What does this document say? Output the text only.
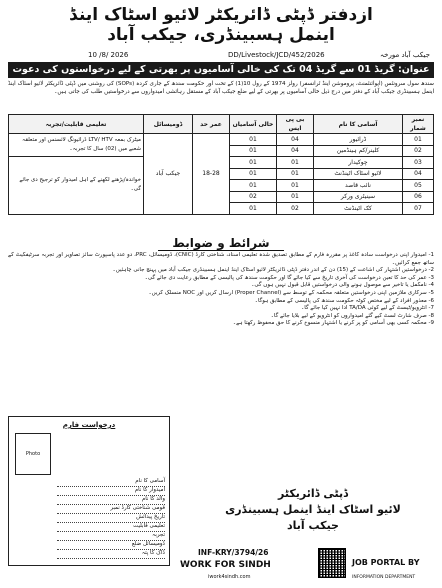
ازدفتر ڈپٹی ڈائریکٹر لائیو اسٹاک اینڈ
اینمل ہسبینڈری، جیکب آباد
10 /8/ 2026	DD/Livestock/JCD/452/2026	جیکب آباد مورخہ
عنوان: گریڈ 01 سے گریڈ 04 تک کی خالی آسامیوں پر بھرتی کے لیے درخواستوں کی دعوت
سندھ سول سرونٹس (اپوائنٹمنٹ، پروموشن اینڈ ٹرانسفر) رولز 1974 کے رول 10(1) کے تحت اور حکومت سندھ کے جاری کردہ (SOPs) کی روشنی میں ڈپٹی ڈائریکٹر لائیو اسٹاک اینڈ اینمل ہسبینڈری جیکب آباد کے دفتر میں درج ذیل خالی آسامیوں پر بھرتی کے لیے ضلع جیکب آباد کے مستقل رہائشی امیدواروں سے درخواستیں طلب کی جاتی ہیں۔
نمبر شمار	آسامی کا نام	بی پی ایس	خالی آسامیاں	عمر حد	ڈومیسائل	تعلیمی قابلیت/تجربہ
01	ڈرائیور	04	01	18-28	جیکب آباد	میٹرک بمعہ LTV/ HTV ڈرائیونگ لائسنس اور متعلقہ شعبے میں (02) سال کا تجربہ۔
02	کلینر/کم ہینڈمین	04	01			
03	چوکیدار	01	01			خواندہ/پڑھنے لکھنے کے اہل امیدوار کو ترجیح دی جائے گی۔
04	لائیو اسٹاک اٹینڈنٹ	01	01			
05	نائب قاصد	01	01			
06	سینیٹری ورکر	01	02			
07	کک اٹینڈنٹ	02	01			
شرائط و ضوابط

1- امیدوار اپنی درخواست سادہ کاغذ پر مقررہ فارم کے مطابق تصدیق شدہ تعلیمی اسناد، شناختی کارڈ (CNIC)، ڈومیسائل، PRC، دو عدد پاسپورٹ سائز تصاویر اور تجربہ سرٹیفکیٹ کے ساتھ جمع کرائیں۔

2- درخواستیں اشتہار کی اشاعت کے (15) دن کے اندر دفتر ڈپٹی ڈائریکٹر لائیو اسٹاک اینڈ اینمل ہسبینڈری جیکب آباد میں پہنچ جانی چاہئیں۔

3- عمر کی حد کا تعین درخواست کی آخری تاریخ سے کیا جائے گا اور حکومت سندھ کی پالیسی کے مطابق رعایت دی جائے گی۔

4- نامکمل یا تاخیر سے موصول ہونے والی درخواستیں قابل قبول نہیں ہوں گی۔

5- سرکاری ملازمین اپنی درخواستیں متعلقہ محکمہ کے توسط سے (Proper Channel) ارسال کریں اور NOC منسلک کریں۔

6- معذور افراد کے لیے مختص کوٹہ حکومت سندھ کی پالیسی کے مطابق ہوگا۔

7- انٹرویو/ٹیسٹ کے لیے کوئی TA/DA ادا نہیں کیا جائے گا۔

8- صرف شارٹ لسٹ کیے گئے امیدواروں کو انٹرویو کے لیے بلایا جائے گا۔

9- محکمہ کسی بھی آسامی کو پر کرنے یا اشتہار منسوخ کرنے کا حق محفوظ رکھتا ہے۔

درخواست فارم
Photo
آسامی کا نام
امیدوار کا نام
والد کا نام
قومی شناختی کارڈ نمبر
تاریخ پیدائش
تعلیمی قابلیت
تجربہ
ڈومیسائل ضلع
ڈاک کا پتہ
ڈپٹی ڈائریکٹر
لائیو اسٹاک اینڈ اینمل ہسبینڈری
جیکب آباد
INF-KRY/3794/26
WORK FOR SINDH
iwork4sindh.com
JOB PORTAL BY
INFORMATION DEPARTMENT
